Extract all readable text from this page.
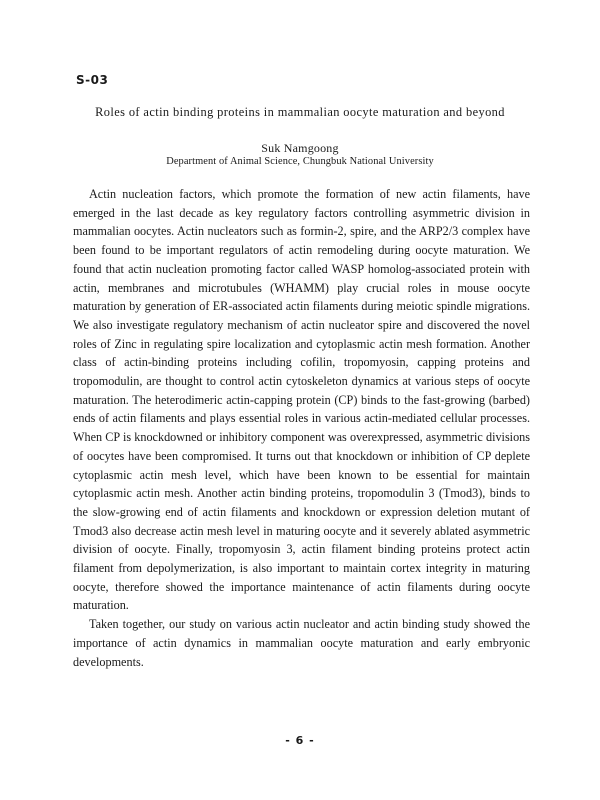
S-03
Roles of actin binding proteins in mammalian oocyte maturation and beyond
Suk Namgoong
Department of Animal Science, Chungbuk National University

Actin nucleation factors, which promote the formation of new actin filaments, have emerged in the last decade as key regulatory factors controlling asymmetric division in mammalian oocytes. Actin nucleators such as formin-2, spire, and the ARP2/3 complex have been found to be important regulators of actin remodeling during oocyte maturation. We found that actin nucleation promoting factor called WASP homolog-associated protein with actin, membranes and microtubules (WHAMM) play crucial roles in mouse oocyte maturation by generation of ER-associated actin filaments during meiotic spindle migrations. We also investigate regulatory mechanism of actin nucleator spire and discovered the novel roles of Zinc in regulating spire localization and cytoplasmic actin mesh formation. Another class of actin-binding proteins including cofilin, tropomyosin, capping proteins and tropomodulin, are thought to control actin cytoskeleton dynamics at various steps of oocyte maturation. The heterodimeric actin-capping protein (CP) binds to the fast-growing (barbed) ends of actin filaments and plays essential roles in various actin-mediated cellular processes. When CP is knockdowned or inhibitory component was overexpressed, asymmetric divisions of oocytes have been compromised. It turns out that knockdown or inhibition of CP deplete cytoplasmic actin mesh level, which have been known to be essential for maintain cytoplasmic actin mesh. Another actin binding proteins, tropomodulin 3 (Tmod3), binds to the slow-growing end of actin filaments and knockdown or expression deletion mutant of Tmod3 also decrease actin mesh level in maturing oocyte and it severely ablated asymmetric division of oocyte. Finally, tropomyosin 3, actin filament binding proteins protect actin filament from depolymerization, is also important to maintain cortex integrity in maturing oocyte, therefore showed the importance maintenance of actin filaments during oocyte maturation.

Taken together, our study on various actin nucleator and actin binding study showed the importance of actin dynamics in mammalian oocyte maturation and early embryonic developments.

- 6 -
